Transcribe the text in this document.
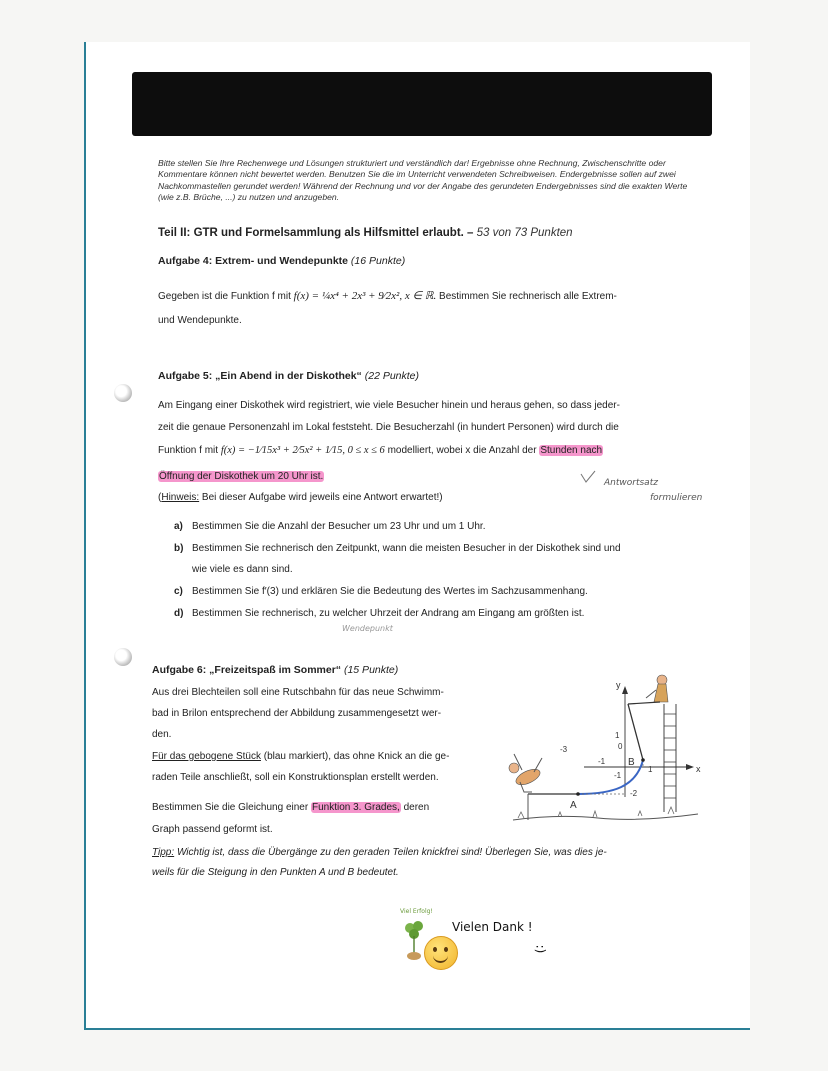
Bitte stellen Sie Ihre Rechenwege und Lösungen strukturiert und verständlich dar! Ergebnisse ohne Rechnung, Zwischenschritte oder Kommentare können nicht bewertet werden. Benutzen Sie die im Unterricht verwendeten Schreibweisen. Endergebnisse sollen auf zwei Nachkommastellen gerundet werden! Während der Rechnung und vor der Angabe des gerundeten Endergebnisses sind die exakten Werte (wie z.B. Brüche, ...) zu nutzen und anzugeben.
Teil II: GTR und Formelsammlung als Hilfsmittel erlaubt. – 53 von 73 Punkten
Aufgabe 4: Extrem- und Wendepunkte (16 Punkte)
Gegeben ist die Funktion f mit f(x) = ¼x⁴ + 2x³ + 9⁄2x², x ∈ ℝ. Bestimmen Sie rechnerisch alle Extrem-
und Wendepunkte.
Aufgabe 5: „Ein Abend in der Diskothek“ (22 Punkte)
Am Eingang einer Diskothek wird registriert, wie viele Besucher hinein und heraus gehen, so dass jeder-
zeit die genaue Personenzahl im Lokal feststeht. Die Besucherzahl (in hundert Personen) wird durch die
Funktion f mit f(x) = −1⁄15x³ + 2⁄5x² + 1⁄15, 0 ≤ x ≤ 6 modelliert, wobei x die Anzahl der Stunden nach
Öffnung der Diskothek um 20 Uhr ist.
(Hinweis: Bei dieser Aufgabe wird jeweils eine Antwort erwartet!)
Antwortsatz
formulieren
a) Bestimmen Sie die Anzahl der Besucher um 23 Uhr und um 1 Uhr.
b) Bestimmen Sie rechnerisch den Zeitpunkt, wann die meisten Besucher in der Diskothek sind und
wie viele es dann sind.
c) Bestimmen Sie f′(3) und erklären Sie die Bedeutung des Wertes im Sachzusammenhang.
d) Bestimmen Sie rechnerisch, zu welcher Uhrzeit der Andrang am Eingang am größten ist.
Wendepunkt
Aufgabe 6: „Freizeitspaß im Sommer“ (15 Punkte)
Aus drei Blechteilen soll eine Rutschbahn für das neue Schwimm-
bad in Brilon entsprechend der Abbildung zusammengesetzt wer-
den.
Für das gebogene Stück (blau markiert), das ohne Knick an die ge-
raden Teile anschließt, soll ein Konstruktionsplan erstellt werden.
Bestimmen Sie die Gleichung einer Funktion 3. Grades, deren
Graph passend geformt ist.
Tipp: Wichtig ist, dass die Übergänge zu den geraden Teilen knickfrei sind! Überlegen Sie, was dies je-
weils für die Steigung in den Punkten A und B bedeutet.
y
x
A
B
-3
1
0
-1
-1
1
-2
Viel Erfolg!
Vielen Dank !
:)
